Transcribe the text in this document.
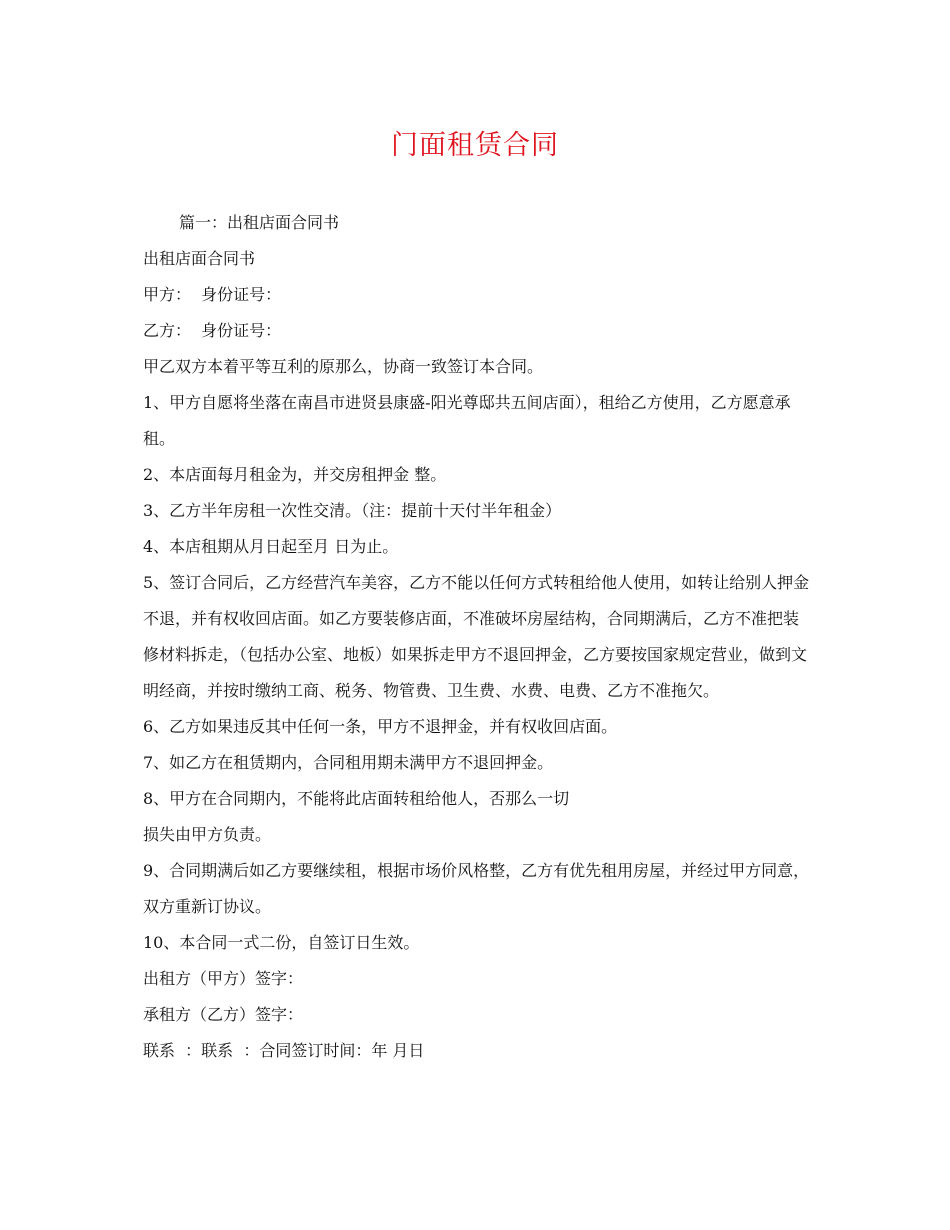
门面租赁合同

篇一：出租店面合同书

出租店面合同书

甲方：  身份证号：

乙方：  身份证号：

甲乙双方本着平等互利的原那么，协商一致签订本合同。

1、甲方自愿将坐落在南昌市进贤县康盛-阳光尊邸共五间店面），租给乙方使用，乙方愿意承租。

2、本店面每月租金为，并交房租押金 整。

3、乙方半年房租一次性交清。（注：提前十天付半年租金）

4、本店租期从月日起至月 日为止。

5、签订合同后，乙方经营汽车美容，乙方不能以任何方式转租给他人使用，如转让给别人押金不退，并有权收回店面。如乙方要装修店面，不准破坏房屋结构，合同期满后，乙方不准把装修材料拆走，（包括办公室、地板）如果拆走甲方不退回押金，乙方要按国家规定营业，做到文明经商，并按时缴纳工商、税务、物管费、卫生费、水费、电费、乙方不准拖欠。

6、乙方如果违反其中任何一条，甲方不退押金，并有权收回店面。

7、如乙方在租赁期内，合同租用期未满甲方不退回押金。

8、甲方在合同期内，不能将此店面转租给他人，否那么一切

损失由甲方负责。

9、合同期满后如乙方要继续租，根据市场价风格整，乙方有优先租用房屋，并经过甲方同意，双方重新订协议。

10、本合同一式二份，自签订日生效。

出租方（甲方）签字：

承租方（乙方）签字：

联系  ：联系  ：合同签订时间：年 月日
